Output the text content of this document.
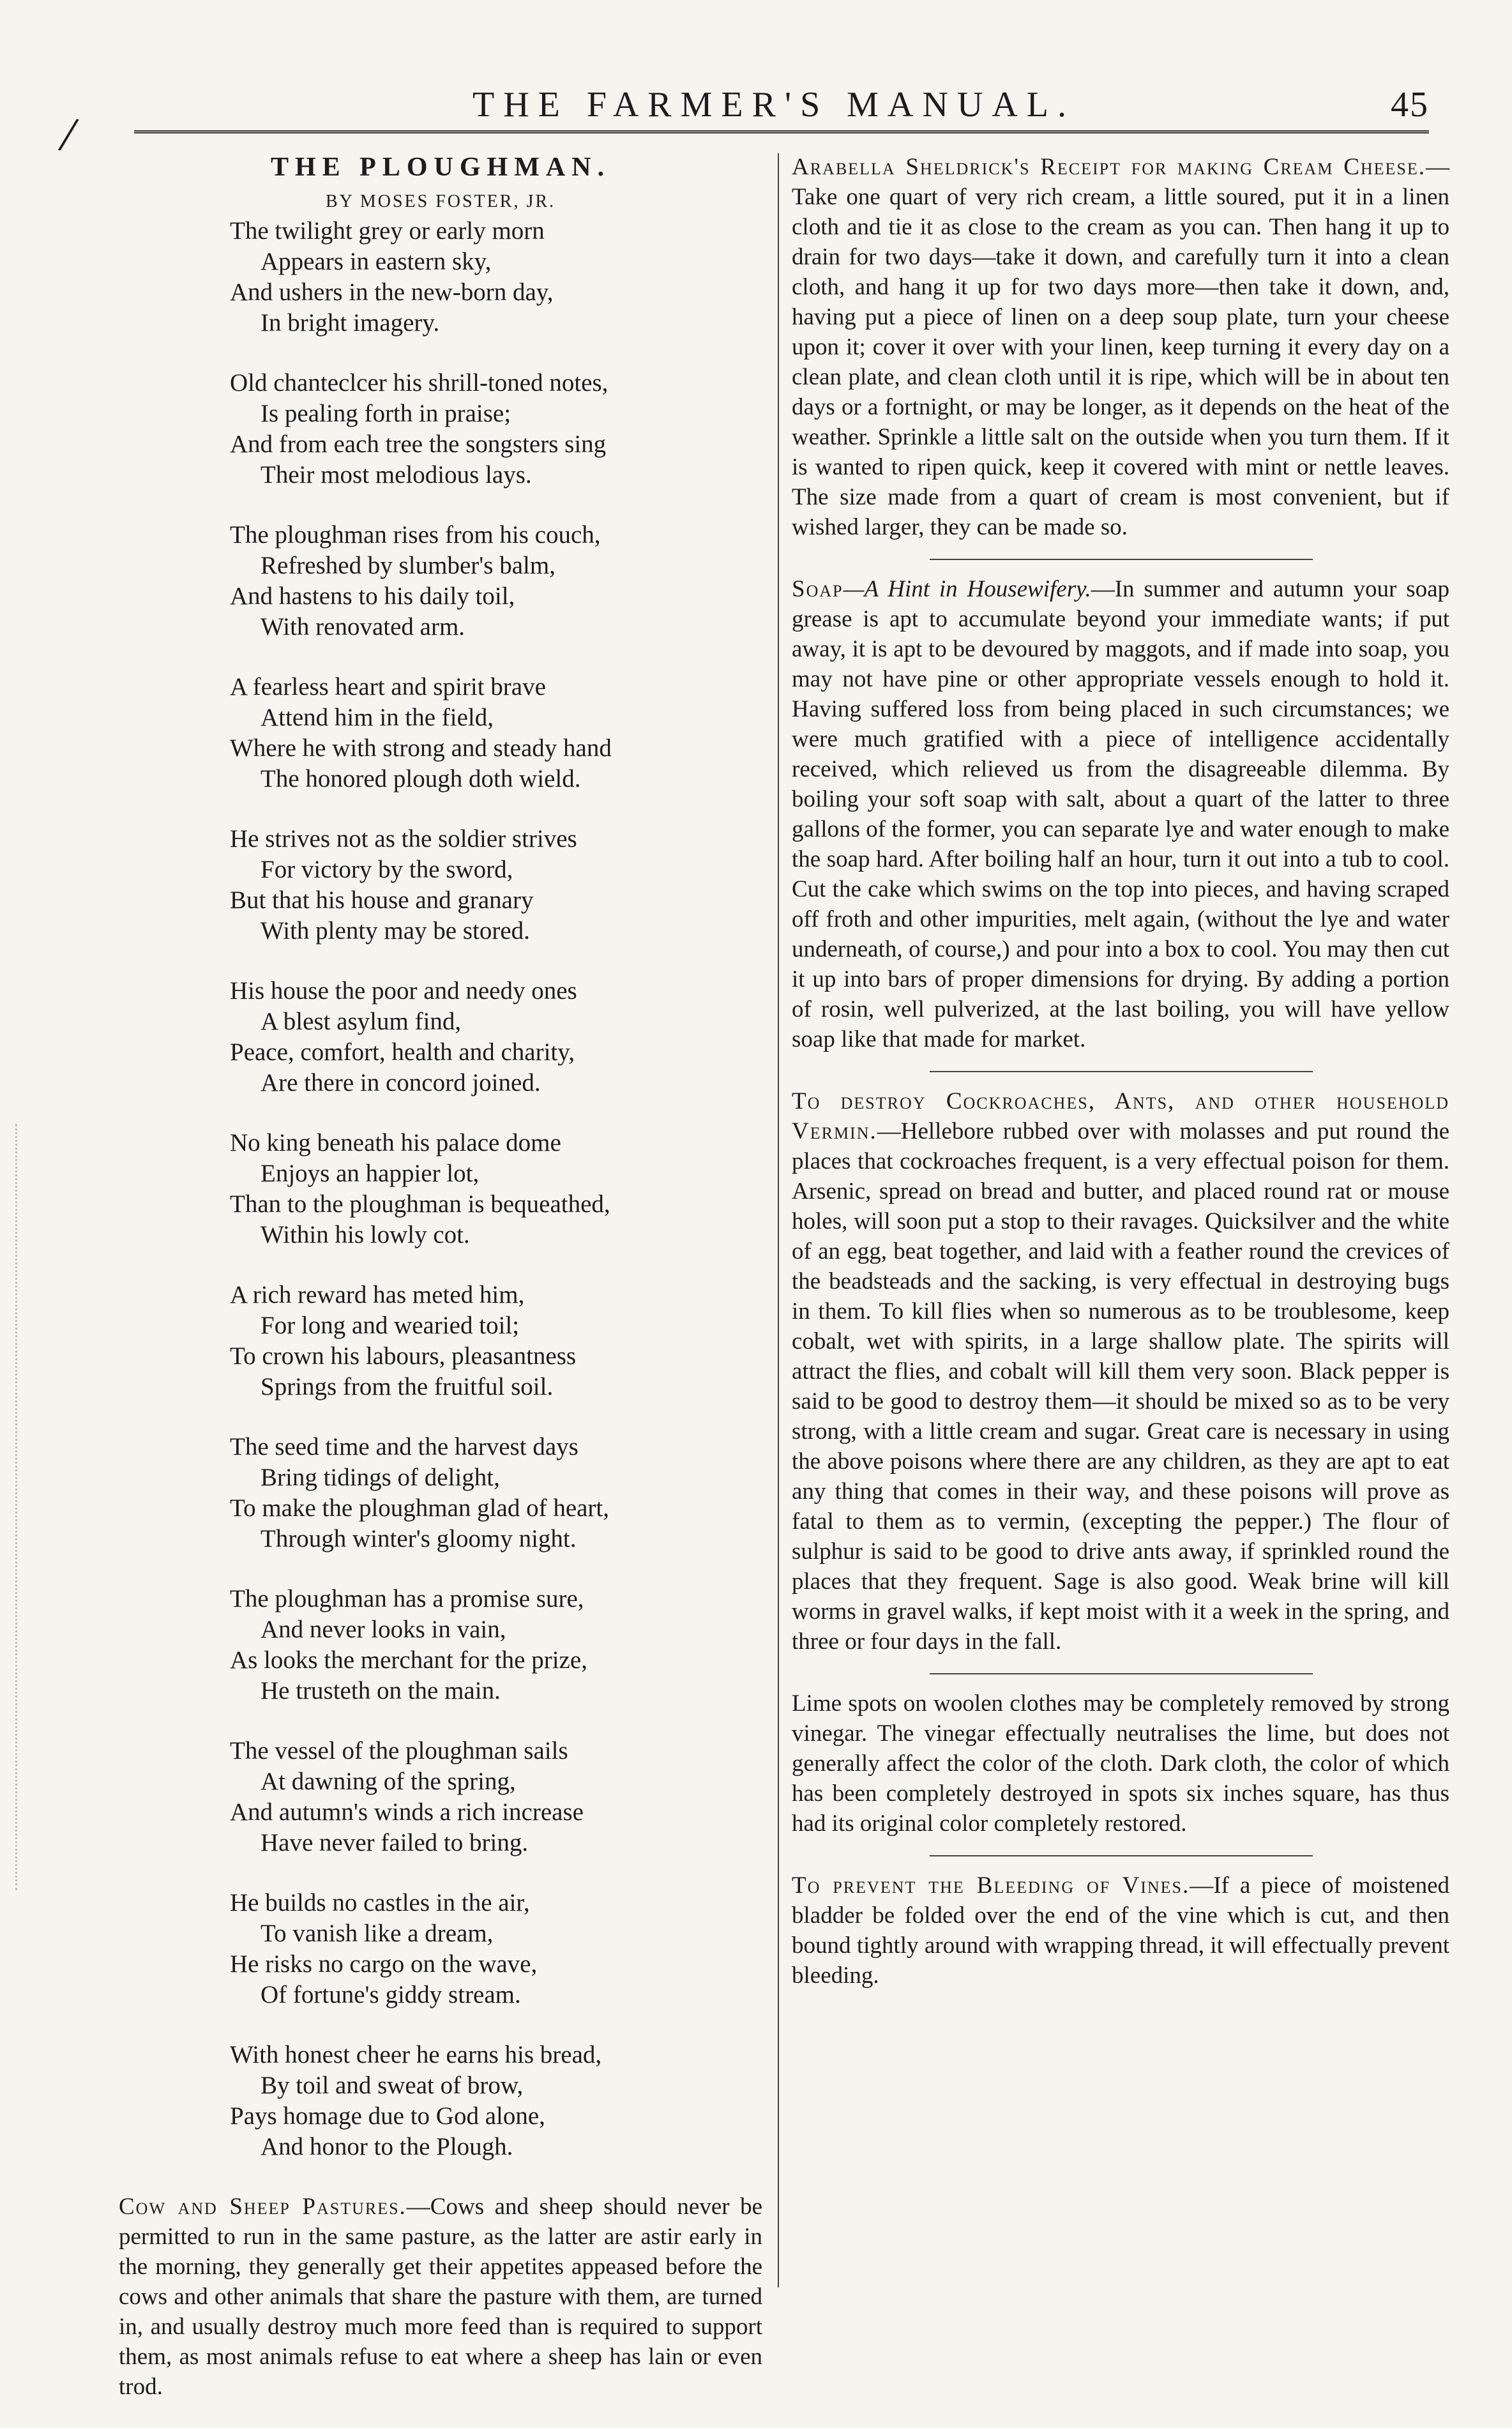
/
THE FARMER'S MANUAL.	45
THE PLOUGHMAN.
BY MOSES FOSTER, JR.
The twilight grey or early morn
Appears in eastern sky,
And ushers in the new-born day,
In bright imagery.
Old chanteclcer his shrill-toned notes,
Is pealing forth in praise;
And from each tree the songsters sing
Their most melodious lays.
The ploughman rises from his couch,
Refreshed by slumber's balm,
And hastens to his daily toil,
With renovated arm.
A fearless heart and spirit brave
Attend him in the field,
Where he with strong and steady hand
The honored plough doth wield.
He strives not as the soldier strives
For victory by the sword,
But that his house and granary
With plenty may be stored.
His house the poor and needy ones
A blest asylum find,
Peace, comfort, health and charity,
Are there in concord joined.
No king beneath his palace dome
Enjoys an happier lot,
Than to the ploughman is bequeathed,
Within his lowly cot.
A rich reward has meted him,
For long and wearied toil;
To crown his labours, pleasantness
Springs from the fruitful soil.
The seed time and the harvest days
Bring tidings of delight,
To make the ploughman glad of heart,
Through winter's gloomy night.
The ploughman has a promise sure,
And never looks in vain,
As looks the merchant for the prize,
He trusteth on the main.
The vessel of the ploughman sails
At dawning of the spring,
And autumn's winds a rich increase
Have never failed to bring.
He builds no castles in the air,
To vanish like a dream,
He risks no cargo on the wave,
Of fortune's giddy stream.
With honest cheer he earns his bread,
By toil and sweat of brow,
Pays homage due to God alone,
And honor to the Plough.

Cow and Sheep Pastures.—Cows and sheep should never be permitted to run in the same pasture, as the latter are astir early in the morning, they generally get their appetites appeased before the cows and other animals that share the pasture with them, are turned in, and usually destroy much more feed than is required to support them, as most animals refuse to eat where a sheep has lain or even trod.

Arabella Sheldrick's Receipt for making Cream Cheese.—Take one quart of very rich cream, a little soured, put it in a linen cloth and tie it as close to the cream as you can. Then hang it up to drain for two days—take it down, and carefully turn it into a clean cloth, and hang it up for two days more—then take it down, and, having put a piece of linen on a deep soup plate, turn your cheese upon it; cover it over with your linen, keep turning it every day on a clean plate, and clean cloth until it is ripe, which will be in about ten days or a fortnight, or may be longer, as it depends on the heat of the weather. Sprinkle a little salt on the outside when you turn them. If it is wanted to ripen quick, keep it covered with mint or nettle leaves. The size made from a quart of cream is most convenient, but if wished larger, they can be made so.

Soap—A Hint in Housewifery.—In summer and autumn your soap grease is apt to accumulate beyond your immediate wants; if put away, it is apt to be devoured by maggots, and if made into soap, you may not have pine or other appropriate vessels enough to hold it. Having suffered loss from being placed in such circumstances; we were much gratified with a piece of intelligence accidentally received, which relieved us from the disagreeable dilemma. By boiling your soft soap with salt, about a quart of the latter to three gallons of the former, you can separate lye and water enough to make the soap hard. After boiling half an hour, turn it out into a tub to cool. Cut the cake which swims on the top into pieces, and having scraped off froth and other impurities, melt again, (without the lye and water underneath, of course,) and pour into a box to cool. You may then cut it up into bars of proper dimensions for drying. By adding a portion of rosin, well pulverized, at the last boiling, you will have yellow soap like that made for market.

To destroy Cockroaches, Ants, and other household Vermin.—Hellebore rubbed over with molasses and put round the places that cockroaches frequent, is a very effectual poison for them. Arsenic, spread on bread and butter, and placed round rat or mouse holes, will soon put a stop to their ravages. Quicksilver and the white of an egg, beat together, and laid with a feather round the crevices of the beadsteads and the sacking, is very effectual in destroying bugs in them. To kill flies when so numerous as to be troublesome, keep cobalt, wet with spirits, in a large shallow plate. The spirits will attract the flies, and cobalt will kill them very soon. Black pepper is said to be good to destroy them—it should be mixed so as to be very strong, with a little cream and sugar. Great care is necessary in using the above poisons where there are any children, as they are apt to eat any thing that comes in their way, and these poisons will prove as fatal to them as to vermin, (excepting the pepper.) The flour of sulphur is said to be good to drive ants away, if sprinkled round the places that they frequent. Sage is also good. Weak brine will kill worms in gravel walks, if kept moist with it a week in the spring, and three or four days in the fall.

Lime spots on woolen clothes may be completely removed by strong vinegar. The vinegar effectually neutralises the lime, but does not generally affect the color of the cloth. Dark cloth, the color of which has been completely destroyed in spots six inches square, has thus had its original color completely restored.

To prevent the Bleeding of Vines.—If a piece of moistened bladder be folded over the end of the vine which is cut, and then bound tightly around with wrapping thread, it will effectually prevent bleeding.
